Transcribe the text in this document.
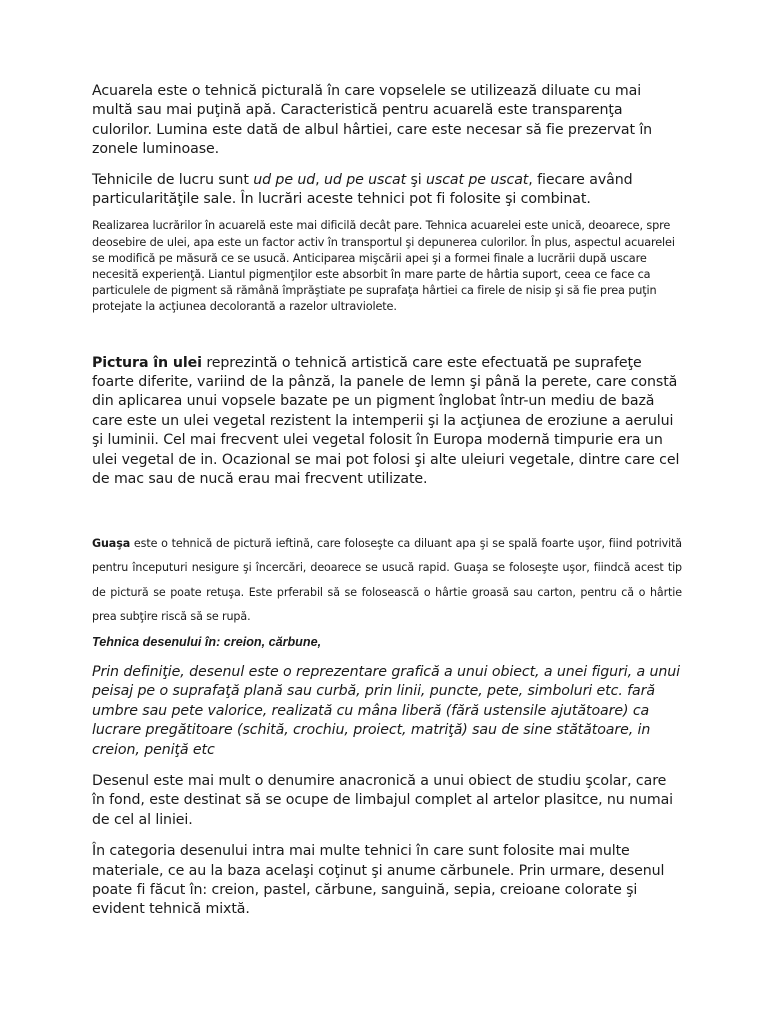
Acuarela este o tehnică picturală în care vopselele se utilizează diluate cu mai multă sau mai puţină apă. Caracteristică pentru acuarelă este transparenţa culorilor. Lumina este dată de albul hârtiei, care este necesar să fie prezervat în zonele luminoase.

Tehnicile de lucru sunt ud pe ud, ud pe uscat şi uscat pe uscat, fiecare având particularităţile sale. În lucrări aceste tehnici pot fi folosite şi combinat.

Realizarea lucrărilor în acuarelă este mai dificilă decât pare. Tehnica acuarelei este unică, deoarece, spre deosebire de ulei, apa este un factor activ în transportul şi depunerea culorilor. În plus, aspectul acuarelei se modifică pe măsură ce se usucă. Anticiparea mişcării apei şi a formei finale a lucrării după uscare necesită experienţă. Liantul pigmenţilor este absorbit în mare parte de hârtia suport, ceea ce face ca particulele de pigment să rămână împrăştiate pe suprafaţa hârtiei ca firele de nisip şi să fie prea puţin protejate la acţiunea decolorantă a razelor ultraviolete.

Pictura în ulei reprezintă o tehnică artistică care este efectuată pe suprafeţe foarte diferite, variind de la pânză, la panele de lemn şi până la perete, care constă din aplicarea unui vopsele bazate pe un pigment înglobat într-un mediu de bază care este un ulei vegetal rezistent la intemperii şi la acţiunea de eroziune a aerului şi luminii. Cel mai frecvent ulei vegetal folosit în Europa modernă timpurie era un ulei vegetal de in. Ocazional se mai pot folosi şi alte uleiuri vegetale, dintre care cel de mac sau de nucă erau mai frecvent utilizate.

Guaşa este o tehnică de pictură ieftină, care foloseşte ca diluant apa şi se spală foarte uşor, fiind potrivită pentru începuturi nesigure şi încercări, deoarece se usucă rapid. Guaşa se foloseşte uşor, fiindcă acest tip de pictură se poate retuşa. Este prferabil să se folosească o hârtie groasă sau carton, pentru că o hârtie prea subţire riscă să se rupă.

Tehnica desenului în: creion, cărbune,

Prin definiţie, desenul este o reprezentare grafică a unui obiect, a unei figuri, a unui peisaj pe o suprafaţă plană sau curbă, prin linii, puncte, pete, simboluri etc. fară umbre sau pete valorice, realizată cu mâna liberă (fără ustensile ajutătoare) ca lucrare pregătitoare (schită, crochiu, proiect, matriţă) sau de sine stătătoare, in creion, peniţă etc

Desenul este mai mult o denumire anacronică a unui obiect de studiu şcolar, care în fond, este destinat să se ocupe de limbajul complet al artelor plasitce, nu numai de cel al liniei.

În categoria desenului intra mai multe tehnici în care sunt folosite mai multe materiale, ce au la baza acelaşi coţinut şi anume cărbunele. Prin urmare, desenul poate fi făcut în: creion, pastel, cărbune, sanguină, sepia, creioane colorate şi evident tehnică mixtă.
